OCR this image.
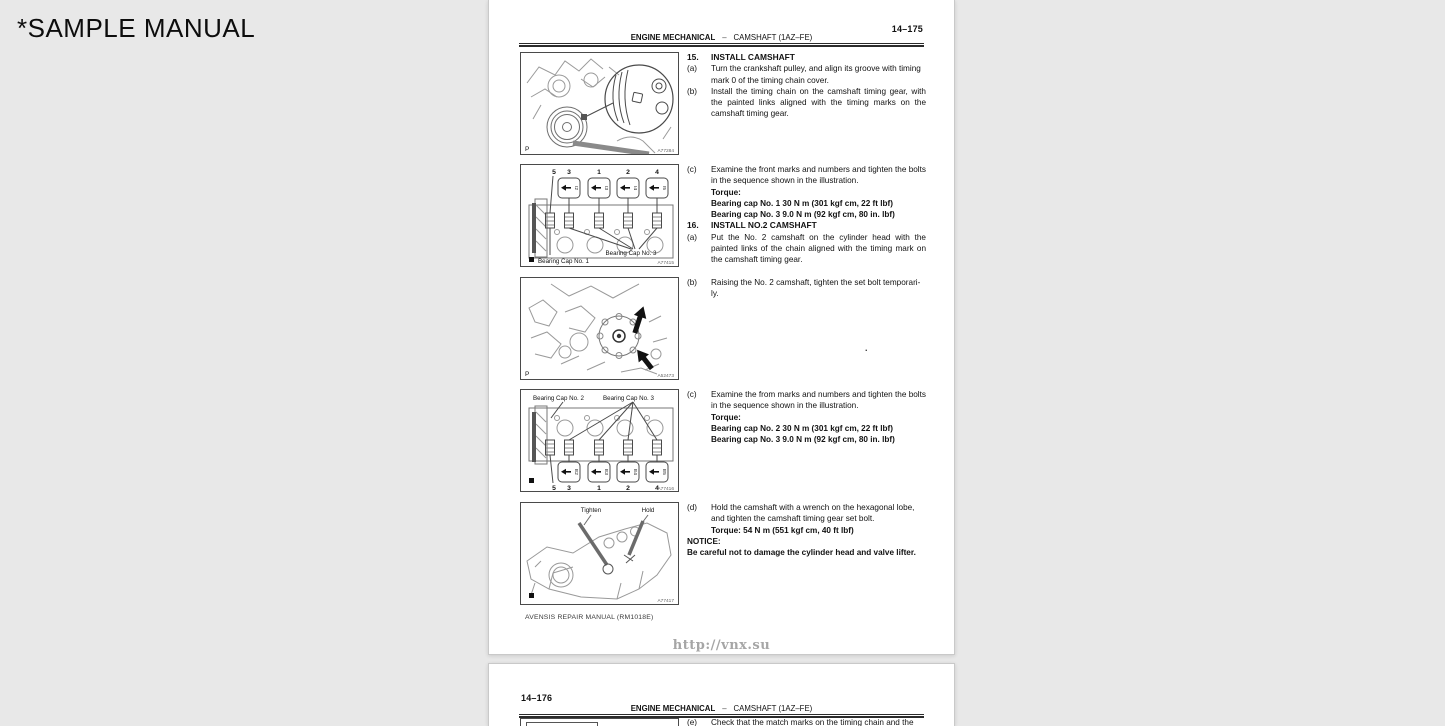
*SAMPLE MANUAL	14–175
ENGINE MECHANICAL – CAMSHAFT (1AZ–FE)
P	A77284
5 3	1	2	4
I2	I3	I4	I5
Bearing Cap No. 3
Bearing Cap No. 1	A77415
P	A52473
Bearing Cap No. 2	Bearing Cap No. 3
E2	E3	E4	E5
5 3	1	2	4
A77416
Tighten	Hold
A77417
15.	INSTALL CAMSHAFT
(a)	Turn the crankshaft pulley, and align its groove with timing mark 0 of the timing chain cover.
(b)	Install the timing chain on the camshaft timing gear, with the painted links aligned with the timing marks on the camshaft timing gear.
(c)	Examine the front marks and numbers and tighten the bolts in the sequence shown in the illustration.
Torque:
Bearing cap No. 1 30 N m (301 kgf cm, 22 ft lbf)
Bearing cap No. 3 9.0 N m (92 kgf cm, 80 in. lbf)
16.	INSTALL NO.2 CAMSHAFT
(a)	Put the No. 2 camshaft on the cylinder head with the painted links of the chain aligned with the timing mark on the camshaft timing gear.
(b)	Raising the No. 2 camshaft, tighten the set bolt temporari- ly.
.
(c)	Examine the from marks and numbers and tighten the bolts in the sequence shown in the illustration.
Torque:
Bearing cap No. 2 30 N m (301 kgf cm, 22 ft lbf)
Bearing cap No. 3 9.0 N m (92 kgf cm, 80 in. lbf)
(d)	Hold the camshaft with a wrench on the hexagonal lobe, and tighten the camshaft timing gear set bolt.
Torque: 54 N m (551 kgf cm, 40 ft lbf)
NOTICE:
Be careful not to damage the cylinder head and valve lifter.
AVENSIS REPAIR MANUAL (RM1018E)
http://vnx.su
14–176
ENGINE MECHANICAL – CAMSHAFT (1AZ–FE)
(e)	Check that the match marks on the timing chain and the
